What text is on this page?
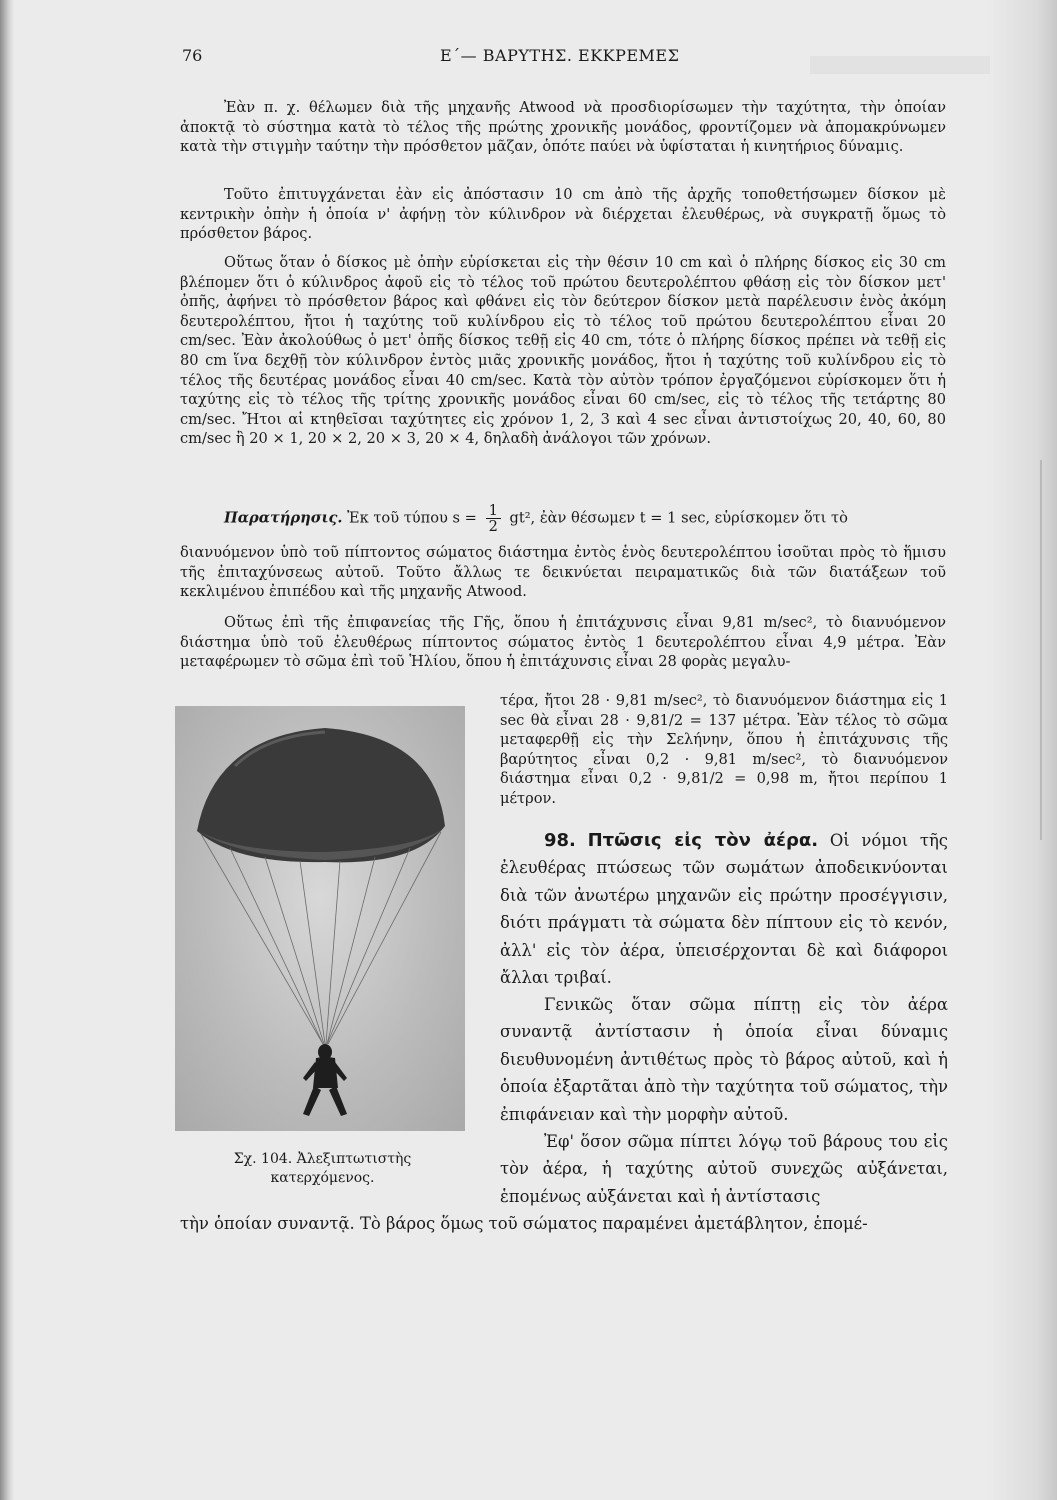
76	Ε΄— ΒΑΡΥΤΗΣ. ΕΚΚΡΕΜΕΣ

Ἐὰν π. χ. θέλωμεν διὰ τῆς μηχανῆς Atwood νὰ προσδιορίσωμεν τὴν ταχύτητα, τὴν ὁποίαν ἀποκτᾷ τὸ σύστημα κατὰ τὸ τέλος τῆς πρώτης χρονικῆς μονάδος, φροντίζομεν νὰ ἀπομακρύνωμεν κατὰ τὴν στιγμὴν ταύτην τὴν πρόσθετον μᾶζαν, ὁπότε παύει νὰ ὑφίσταται ἡ κινητήριος δύναμις.

Τοῦτο ἐπιτυγχάνεται ἐὰν εἰς ἀπόστασιν 10 cm ἀπὸ τῆς ἀρχῆς τοποθετήσωμεν δίσκον μὲ κεντρικὴν ὀπὴν ἡ ὁποία ν' ἀφήνῃ τὸν κύλινδρον νὰ διέρχεται ἐλευθέρως, νὰ συγκρατῇ ὅμως τὸ πρόσθετον βάρος.

Οὕτως ὅταν ὁ δίσκος μὲ ὀπὴν εὑρίσκεται εἰς τὴν θέσιν 10 cm καὶ ὁ πλήρης δίσκος εἰς 30 cm βλέπομεν ὅτι ὁ κύλινδρος ἀφοῦ εἰς τὸ τέλος τοῦ πρώτου δευτερολέπτου φθάσῃ εἰς τὸν δίσκον μετ' ὀπῆς, ἀφήνει τὸ πρόσθετον βάρος καὶ φθάνει εἰς τὸν δεύτερον δίσκον μετὰ παρέλευσιν ἑνὸς ἀκόμη δευτερολέπτου, ἤτοι ἡ ταχύτης τοῦ κυλίνδρου εἰς τὸ τέλος τοῦ πρώτου δευτερολέπτου εἶναι 20 cm/sec. Ἐὰν ἀκολούθως ὁ μετ' ὀπῆς δίσκος τεθῇ εἰς 40 cm, τότε ὁ πλήρης δίσκος πρέπει νὰ τεθῇ εἰς 80 cm ἵνα δεχθῇ τὸν κύλινδρον ἐντὸς μιᾶς χρονικῆς μονάδος, ἤτοι ἡ ταχύτης τοῦ κυλίνδρου εἰς τὸ τέλος τῆς δευτέρας μονάδος εἶναι 40 cm/sec. Κατὰ τὸν αὐτὸν τρόπον ἐργαζόμενοι εὑρίσκομεν ὅτι ἡ ταχύτης εἰς τὸ τέλος τῆς τρίτης χρονικῆς μονάδος εἶναι 60 cm/sec, εἰς τὸ τέλος τῆς τετάρτης 80 cm/sec. Ἤτοι αἱ κτηθεῖσαι ταχύτητες εἰς χρόνον 1, 2, 3 καὶ 4 sec εἶναι ἀντιστοίχως 20, 40, 60, 80 cm/sec ἢ 20 × 1, 20 × 2, 20 × 3, 20 × 4, δηλαδὴ ἀνάλογοι τῶν χρόνων.

Παρατήρησις. Ἐκ τοῦ τύπου $s = \frac{1}{2} gt^2$, ἐὰν θέσωμεν t = 1 sec, εὑρίσκομεν ὅτι τὸ

διανυόμενον ὑπὸ τοῦ πίπτοντος σώματος διάστημα ἐντὸς ἑνὸς δευτερολέπτου ἰσοῦται πρὸς τὸ ἥμισυ τῆς ἐπιταχύνσεως αὐτοῦ. Τοῦτο ἄλλως τε δεικνύεται πειραματικῶς διὰ τῶν διατάξεων τοῦ κεκλιμένου ἐπιπέδου καὶ τῆς μηχανῆς Atwood.

Οὕτως ἐπὶ τῆς ἐπιφανείας τῆς Γῆς, ὅπου ἡ ἐπιτάχυνσις εἶναι 9,81 m/sec², τὸ διανυόμενον διάστημα ὑπὸ τοῦ ἐλευθέρως πίπτοντος σώματος ἐντὸς 1 δευτερολέπτου εἶναι 4,9 μέτρα. Ἐὰν μεταφέρωμεν τὸ σῶμα ἐπὶ τοῦ Ἡλίου, ὅπου ἡ ἐπιτάχυνσις εἶναι 28 φορὰς μεγαλυ-

Σχ. 104. Ἀλεξιπτωτιστὴς κατερχόμενος.

τέρα, ἤτοι 28 · 9,81 m/sec², τὸ διανυόμενον διάστημα εἰς 1 sec θὰ εἶναι 28 · 9,81/2 = 137 μέτρα. Ἐὰν τέλος τὸ σῶμα μεταφερθῇ εἰς τὴν Σελήνην, ὅπου ἡ ἐπιτάχυνσις τῆς βαρύτητος εἶναι 0,2 · 9,81 m/sec², τὸ διανυόμενον διάστημα εἶναι 0,2 · 9,81/2 = 0,98 m, ἤτοι περίπου 1 μέτρον.

98. Πτῶσις εἰς τὸν ἀέρα. Οἱ νόμοι τῆς ἐλευθέρας πτώσεως τῶν σωμάτων ἀποδεικνύονται διὰ τῶν ἀνωτέρω μηχανῶν εἰς πρώτην προσέγγισιν, διότι πράγματι τὰ σώματα δὲν πίπτουν εἰς τὸ κενόν, ἀλλ' εἰς τὸν ἀέρα, ὑπεισέρχονται δὲ καὶ διάφοροι ἄλλαι τριβαί.

Γενικῶς ὅταν σῶμα πίπτῃ εἰς τὸν ἀέρα συναντᾷ ἀντίστασιν ἡ ὁποία εἶναι δύναμις διευθυνομένη ἀντιθέτως πρὸς τὸ βάρος αὐτοῦ, καὶ ἡ ὁποία ἐξαρτᾶται ἀπὸ τὴν ταχύτητα τοῦ σώματος, τὴν ἐπιφάνειαν καὶ τὴν μορφὴν αὐτοῦ.

Ἐφ' ὅσον σῶμα πίπτει λόγῳ τοῦ βάρους του εἰς τὸν ἀέρα, ἡ ταχύτης αὐτοῦ συνεχῶς αὐξάνεται, ἑπομένως αὐξάνεται καὶ ἡ ἀντίστασις

τὴν ὁποίαν συναντᾷ. Τὸ βάρος ὅμως τοῦ σώματος παραμένει ἀμετάβλητον, ἑπομέ-
